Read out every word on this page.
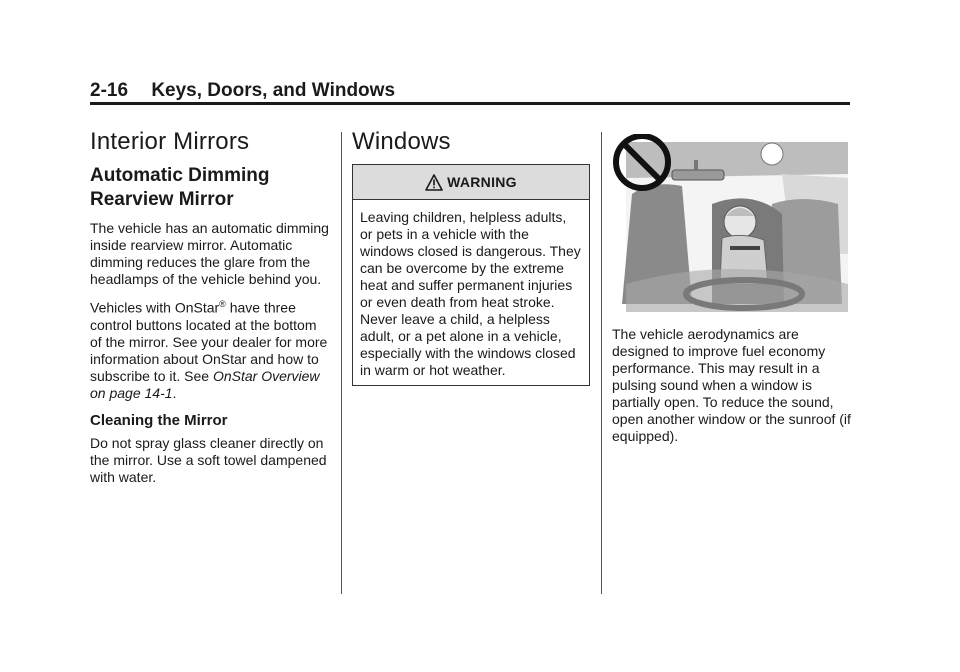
2-16 Keys, Doors, and Windows
Interior Mirrors
Automatic Dimming Rearview Mirror

The vehicle has an automatic dimming inside rearview mirror. Automatic dimming reduces the glare from the headlamps of the vehicle behind you.

Vehicles with OnStar® have three control buttons located at the bottom of the mirror. See your dealer for more information about OnStar and how to subscribe to it. See OnStar Overview on page 14-1.

Cleaning the Mirror

Do not spray glass cleaner directly on the mirror. Use a soft towel dampened with water.

Windows
WARNING
Leaving children, helpless adults, or pets in a vehicle with the windows closed is dangerous. They can be overcome by the extreme heat and suffer permanent injuries or even death from heat stroke. Never leave a child, a helpless adult, or a pet alone in a vehicle, especially with the windows closed in warm or hot weather.

The vehicle aerodynamics are designed to improve fuel economy performance. This may result in a pulsing sound when a window is partially open. To reduce the sound, open another window or the sunroof (if equipped).
